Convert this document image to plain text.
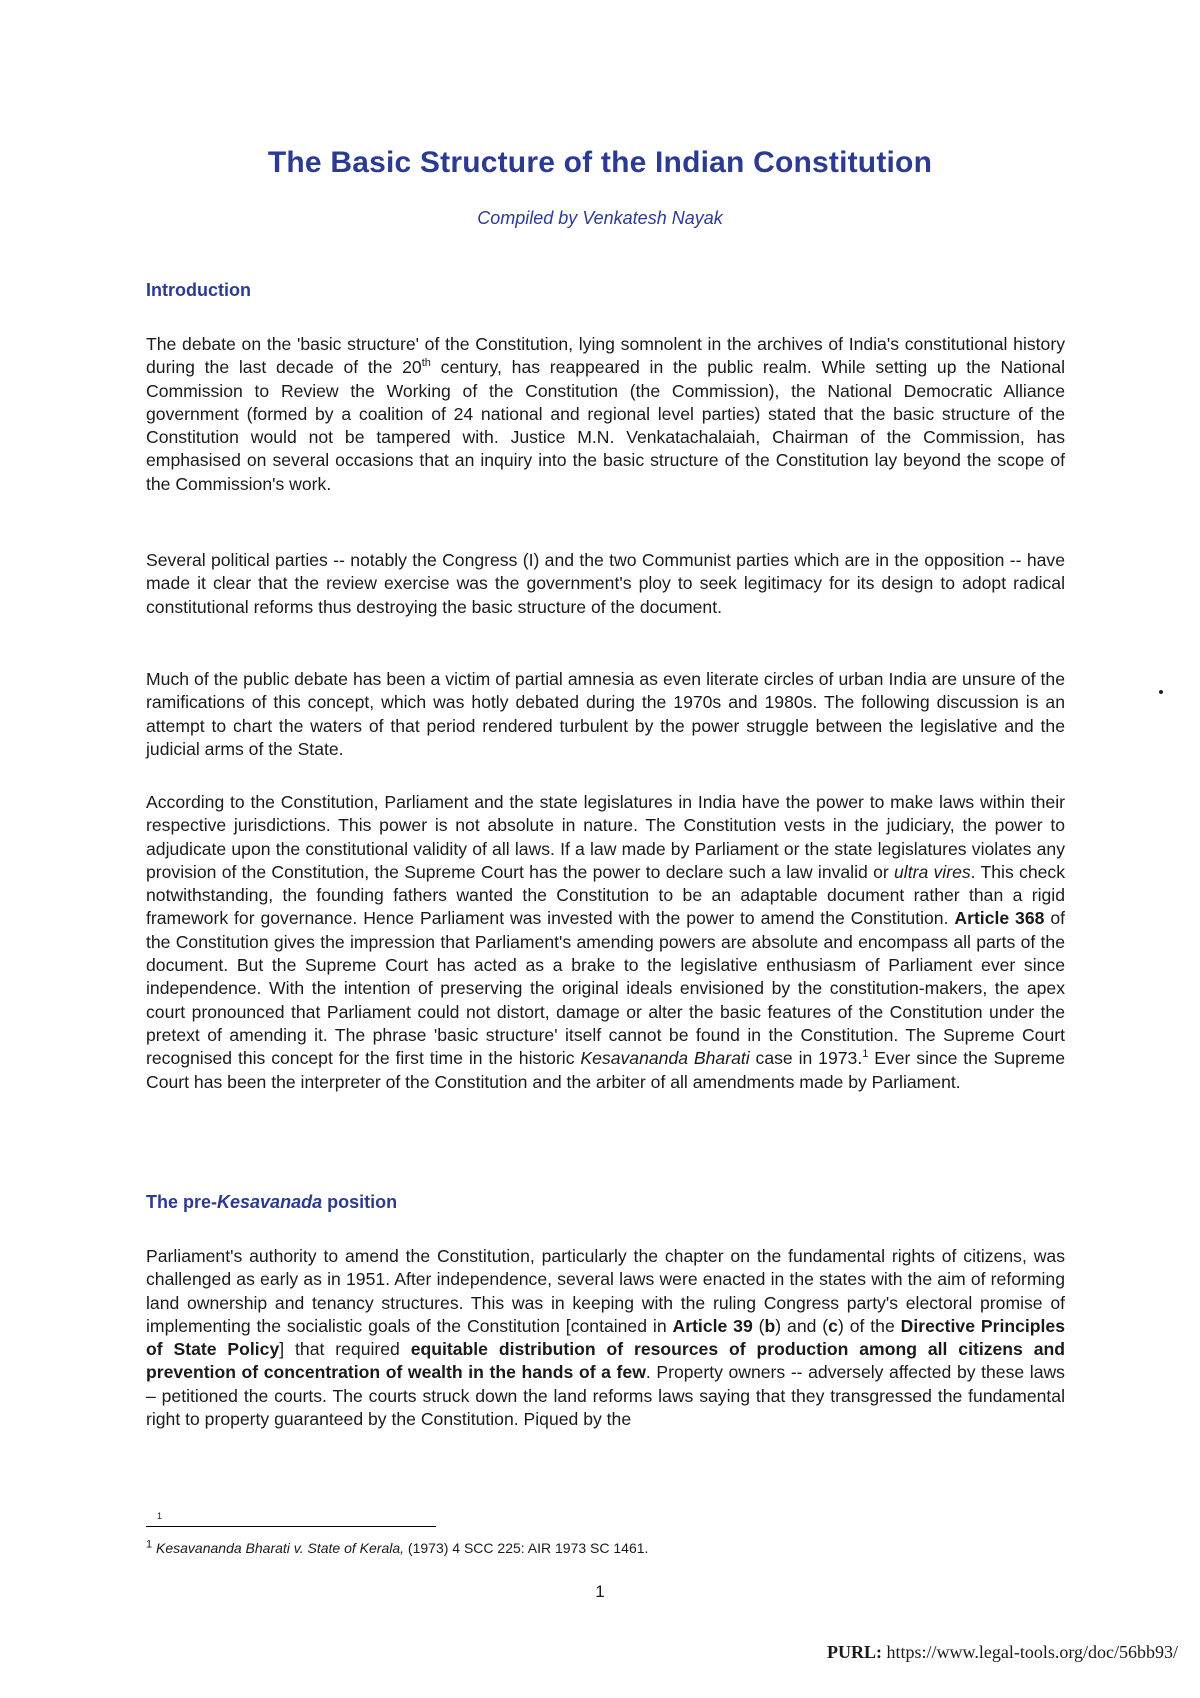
The Basic Structure of the Indian Constitution
Compiled by Venkatesh Nayak
Introduction

The debate on the 'basic structure' of the Constitution, lying somnolent in the archives of India's constitutional history during the last decade of the 20th century, has reappeared in the public realm. While setting up the National Commission to Review the Working of the Constitution (the Commission), the National Democratic Alliance government (formed by a coalition of 24 national and regional level parties) stated that the basic structure of the Constitution would not be tampered with. Justice M.N. Venkatachalaiah, Chairman of the Commission, has emphasised on several occasions that an inquiry into the basic structure of the Constitution lay beyond the scope of the Commission's work.

Several political parties -- notably the Congress (I) and the two Communist parties which are in the opposition -- have made it clear that the review exercise was the government's ploy to seek legitimacy for its design to adopt radical constitutional reforms thus destroying the basic structure of the document.

Much of the public debate has been a victim of partial amnesia as even literate circles of urban India are unsure of the ramifications of this concept, which was hotly debated during the 1970s and 1980s. The following discussion is an attempt to chart the waters of that period rendered turbulent by the power struggle between the legislative and the judicial arms of the State.

According to the Constitution, Parliament and the state legislatures in India have the power to make laws within their respective jurisdictions. This power is not absolute in nature. The Constitution vests in the judiciary, the power to adjudicate upon the constitutional validity of all laws. If a law made by Parliament or the state legislatures violates any provision of the Constitution, the Supreme Court has the power to declare such a law invalid or ultra vires. This check notwithstanding, the founding fathers wanted the Constitution to be an adaptable document rather than a rigid framework for governance. Hence Parliament was invested with the power to amend the Constitution. Article 368 of the Constitution gives the impression that Parliament's amending powers are absolute and encompass all parts of the document. But the Supreme Court has acted as a brake to the legislative enthusiasm of Parliament ever since independence. With the intention of preserving the original ideals envisioned by the constitution-makers, the apex court pronounced that Parliament could not distort, damage or alter the basic features of the Constitution under the pretext of amending it. The phrase 'basic structure' itself cannot be found in the Constitution. The Supreme Court recognised this concept for the first time in the historic Kesavananda Bharati case in 1973.$^1$ Ever since the Supreme Court has been the interpreter of the Constitution and the arbiter of all amendments made by Parliament.

The pre-Kesavanada position

Parliament's authority to amend the Constitution, particularly the chapter on the fundamental rights of citizens, was challenged as early as in 1951. After independence, several laws were enacted in the states with the aim of reforming land ownership and tenancy structures. This was in keeping with the ruling Congress party's electoral promise of implementing the socialistic goals of the Constitution [contained in Article 39 (b) and (c) of the Directive Principles of State Policy] that required equitable distribution of resources of production among all citizens and prevention of concentration of wealth in the hands of a few. Property owners -- adversely affected by these laws – petitioned the courts. The courts struck down the land reforms laws saying that they transgressed the fundamental right to property guaranteed by the Constitution. Piqued by the

1
$^1$ Kesavananda Bharati v. State of Kerala, (1973) 4 SCC 225: AIR 1973 SC 1461.
1
PURL: https://www.legal-tools.org/doc/56bb93/
